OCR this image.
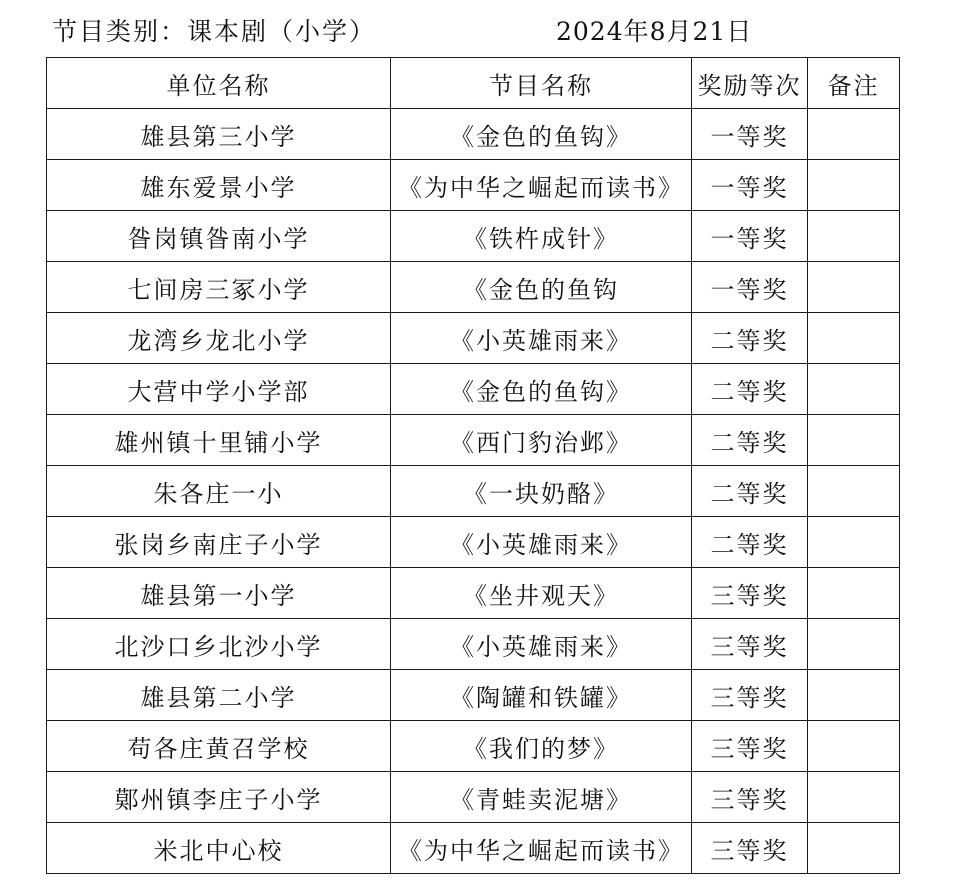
节目类别：课本剧（小学）	2024年8月21日
单位名称	节目名称	奖励等次	备注
雄县第三小学	《金色的鱼钩》	一等奖	
雄东爱景小学	《为中华之崛起而读书》	一等奖	
昝岗镇昝南小学	《铁杵成针》	一等奖	
七间房三冢小学	《金色的鱼钩	一等奖	
龙湾乡龙北小学	《小英雄雨来》	二等奖	
大营中学小学部	《金色的鱼钩》	二等奖	
雄州镇十里铺小学	《西门豹治邺》	二等奖	
朱各庄一小	《一块奶酪》	二等奖	
张岗乡南庄子小学	《小英雄雨来》	二等奖	
雄县第一小学	《坐井观天》	三等奖	
北沙口乡北沙小学	《小英雄雨来》	三等奖	
雄县第二小学	《陶罐和铁罐》	三等奖	
苟各庄黄召学校	《我们的梦》	三等奖	
鄚州镇李庄子小学	《青蛙卖泥塘》	三等奖	
米北中心校	《为中华之崛起而读书》	三等奖	
